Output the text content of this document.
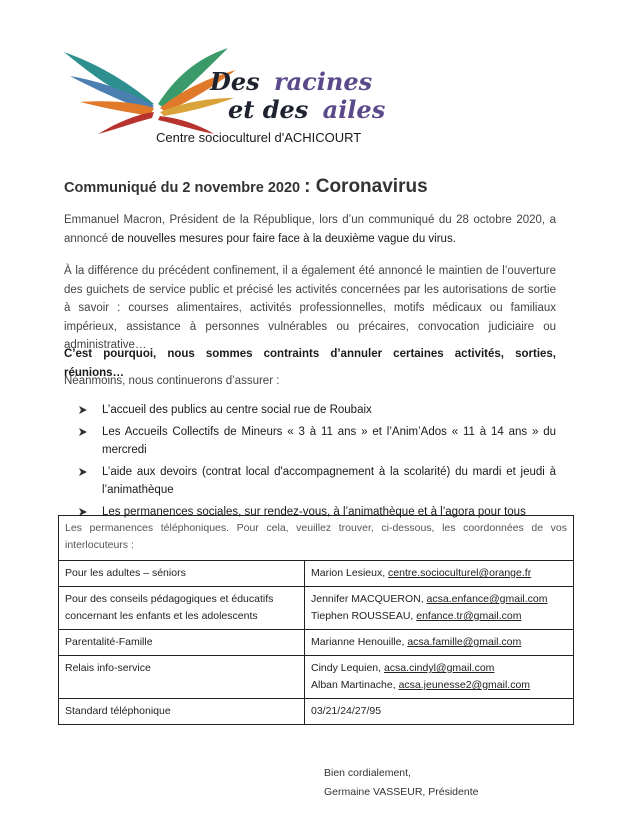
Des racines
et des ailes
Centre socioculturel d'ACHICOURT
Communiqué du 2 novembre 2020 : Coronavirus
Emmanuel Macron, Président de la République, lors d’un communiqué du 28 octobre 2020, a annoncé de nouvelles mesures pour faire face à la deuxième vague du virus.
À la différence du précédent confinement, il a également été annoncé le maintien de l’ouverture des guichets de service public et précisé les activités concernées par les autorisations de sortie à savoir : courses alimentaires, activités professionnelles, motifs médicaux ou familiaux impérieux, assistance à personnes vulnérables ou précaires, convocation judiciaire ou administrative…
C’est pourquoi, nous sommes contraints d’annuler certaines activités, sorties, réunions…
Néanmoins, nous continuerons d’assurer :
L’accueil des publics au centre social rue de Roubaix
Les Accueils Collectifs de Mineurs « 3 à 11 ans » et l’Anim’Ados « 11 à 14 ans » du mercredi
L’aide aux devoirs (contrat local d'accompagnement à la scolarité) du mardi et jeudi à l’animathèque
Les permanences sociales, sur rendez-vous, à l’animathèque et à l’agora pour tous
Les permanences téléphoniques. Pour cela, veuillez trouver, ci-dessous, les coordonnées de vos interlocuteurs :	
Pour les adultes – séniors	Marion Lesieux, centre.socioculturel@orange.fr
Pour des conseils pédagogiques et éducatifs concernant les enfants et les adolescents	Jennifer MACQUERON, acsa.enfance@gmail.com
Tiephen ROUSSEAU, enfance.tr@gmail.com
Parentalité-Famille	Marianne Henouille, acsa.famille@gmail.com
Relais info-service	Cindy Lequien, acsa.cindyl@gmail.com
Alban Martinache, acsa.jeunesse2@gmail.com
Standard téléphonique	03/21/24/27/95
Bien cordialement,
Germaine VASSEUR, Présidente
